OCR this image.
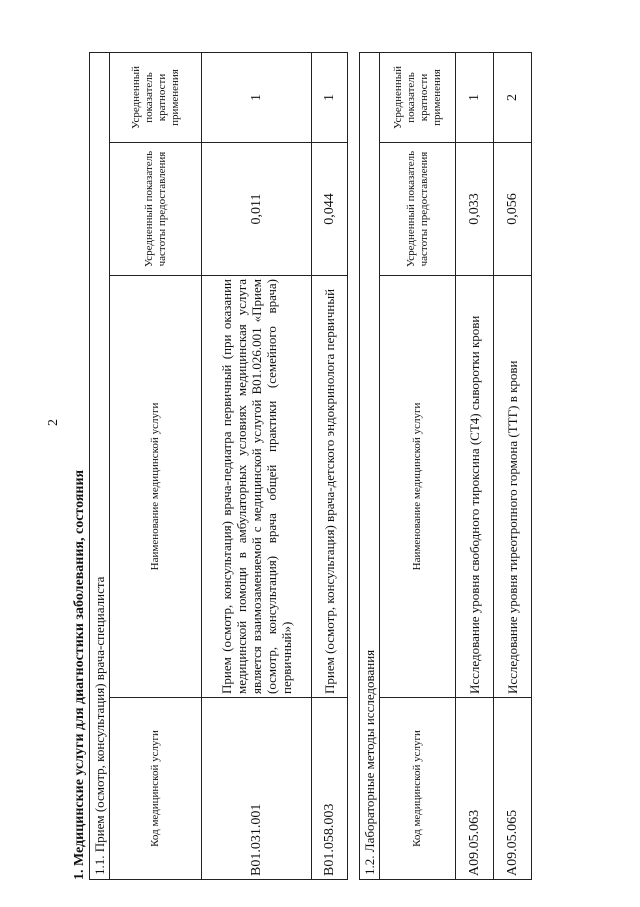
2
1. Медицинские услуги для диагностики заболевания, состояния 1.1. Прием (осмотр, консультация) врача-специалиста			
Код медицинской услуги	Наименование медицинской услуги	Усредненный показатель частоты предоставления	Усредненный показатель кратности применения
B01.031.001	Прием (осмотр, консультация) врача-педиатра первичный (при оказании медицинской помощи в амбулаторных условиях медицинская услуга является взаимозаменяемой с медицинской услугой B01.026.001 «Прием (осмотр, консультация) врача общей практики (семейного врача) первичный»)	0,011	1
B01.058.003	Прием (осмотр, консультация) врача-детского эндокринолога первичный	0,044	1
1.2. Лабораторные методы исследования			
Код медицинской услуги	Наименование медицинской услуги	Усредненный показатель частоты предоставления	Усредненный показатель кратности применения
A09.05.063	Исследование уровня свободного тироксина (СТ4) сыворотки крови	0,033	1
A09.05.065	Исследование уровня тиреотропного гормона (ТТГ) в крови	0,056	2
